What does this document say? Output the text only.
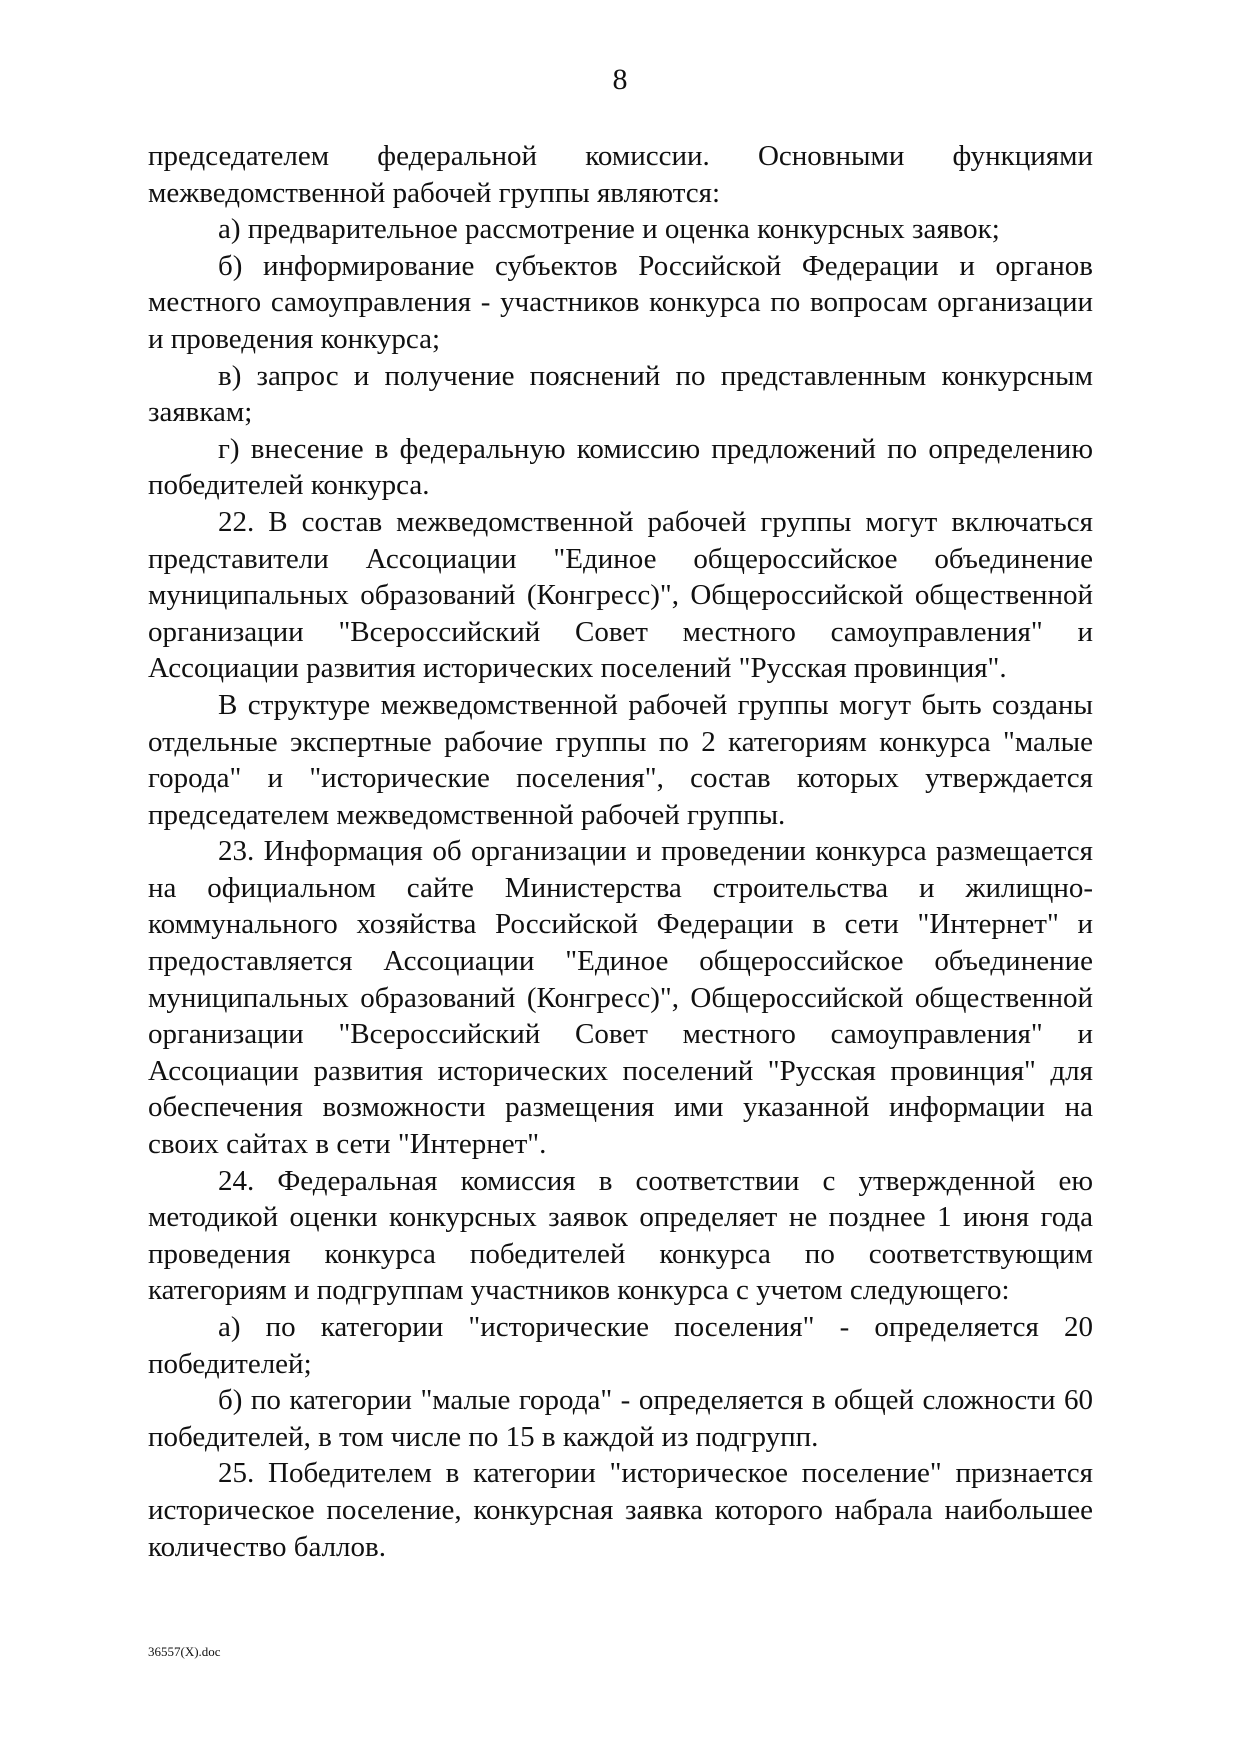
8

председателем федеральной комиссии. Основными функциями межведомственной рабочей группы являются:

а) предварительное рассмотрение и оценка конкурсных заявок;

б) информирование субъектов Российской Федерации и органов местного самоуправления - участников конкурса по вопросам организации и проведения конкурса;

в) запрос и получение пояснений по представленным конкурсным заявкам;

г) внесение в федеральную комиссию предложений по определению победителей конкурса.

22. В состав межведомственной рабочей группы могут включаться представители Ассоциации "Единое общероссийское объединение муниципальных образований (Конгресс)", Общероссийской общественной организации "Всероссийский Совет местного самоуправления" и Ассоциации развития исторических поселений "Русская провинция".

В структуре межведомственной рабочей группы могут быть созданы отдельные экспертные рабочие группы по 2 категориям конкурса "малые города" и "исторические поселения", состав которых утверждается председателем межведомственной рабочей группы.

23. Информация об организации и проведении конкурса размещается на официальном сайте Министерства строительства и жилищно-коммунального хозяйства Российской Федерации в сети "Интернет" и предоставляется Ассоциации "Единое общероссийское объединение муниципальных образований (Конгресс)", Общероссийской общественной организации "Всероссийский Совет местного самоуправления" и Ассоциации развития исторических поселений "Русская провинция" для обеспечения возможности размещения ими указанной информации на своих сайтах в сети "Интернет".

24. Федеральная комиссия в соответствии с утвержденной ею методикой оценки конкурсных заявок определяет не позднее 1 июня года проведения конкурса победителей конкурса по соответствующим категориям и подгруппам участников конкурса с учетом следующего:

а) по категории "исторические поселения" - определяется 20 победителей;

б) по категории "малые города" - определяется в общей сложности 60 победителей, в том числе по 15 в каждой из подгрупп.

25. Победителем в категории "историческое поселение" признается историческое поселение, конкурсная заявка которого набрала наибольшее количество баллов.

36557(Х).doc
